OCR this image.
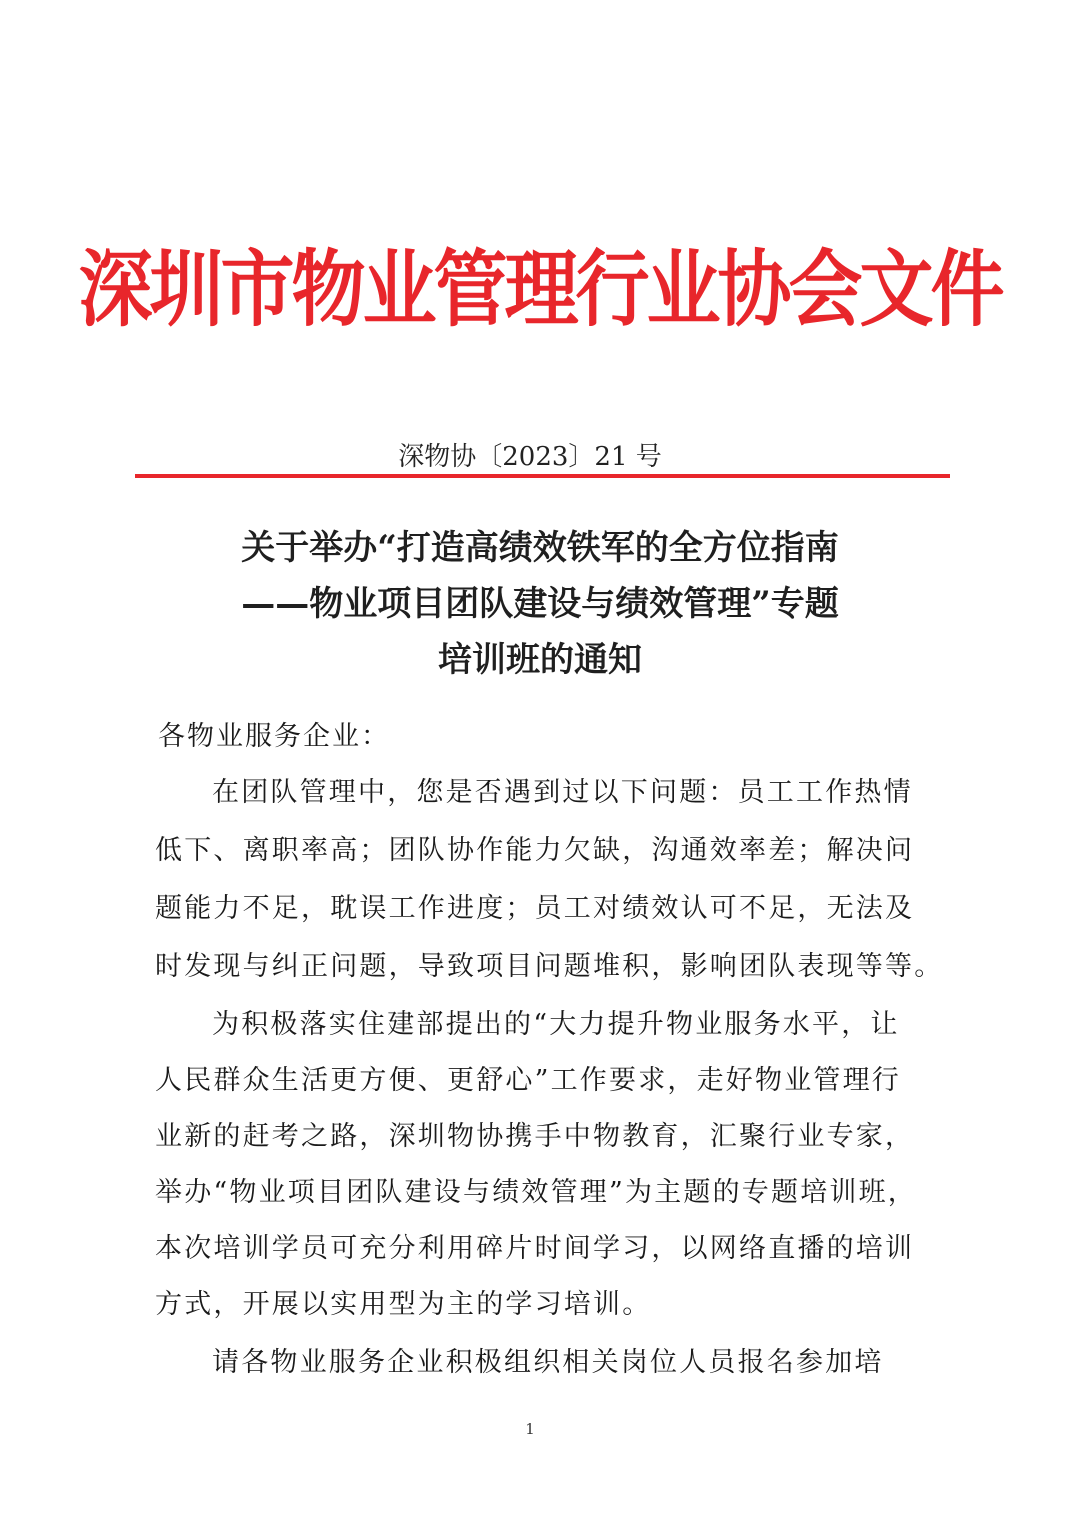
深圳市物业管理行业协会文件
深物协〔2023〕21 号
关于举办“打造高绩效铁军的全方位指南
——物业项目团队建设与绩效管理”专题
培训班的通知
各物业服务企业：
在团队管理中，您是否遇到过以下问题：员工工作热情
低下、离职率高；团队协作能力欠缺，沟通效率差；解决问
题能力不足，耽误工作进度；员工对绩效认可不足，无法及
时发现与纠正问题，导致项目问题堆积，影响团队表现等等。
为积极落实住建部提出的“大力提升物业服务水平，让
人民群众生活更方便、更舒心”工作要求，走好物业管理行
业新的赶考之路，深圳物协携手中物教育，汇聚行业专家，
举办“物业项目团队建设与绩效管理”为主题的专题培训班，
本次培训学员可充分利用碎片时间学习，以网络直播的培训
方式，开展以实用型为主的学习培训。
请各物业服务企业积极组织相关岗位人员报名参加培
1
